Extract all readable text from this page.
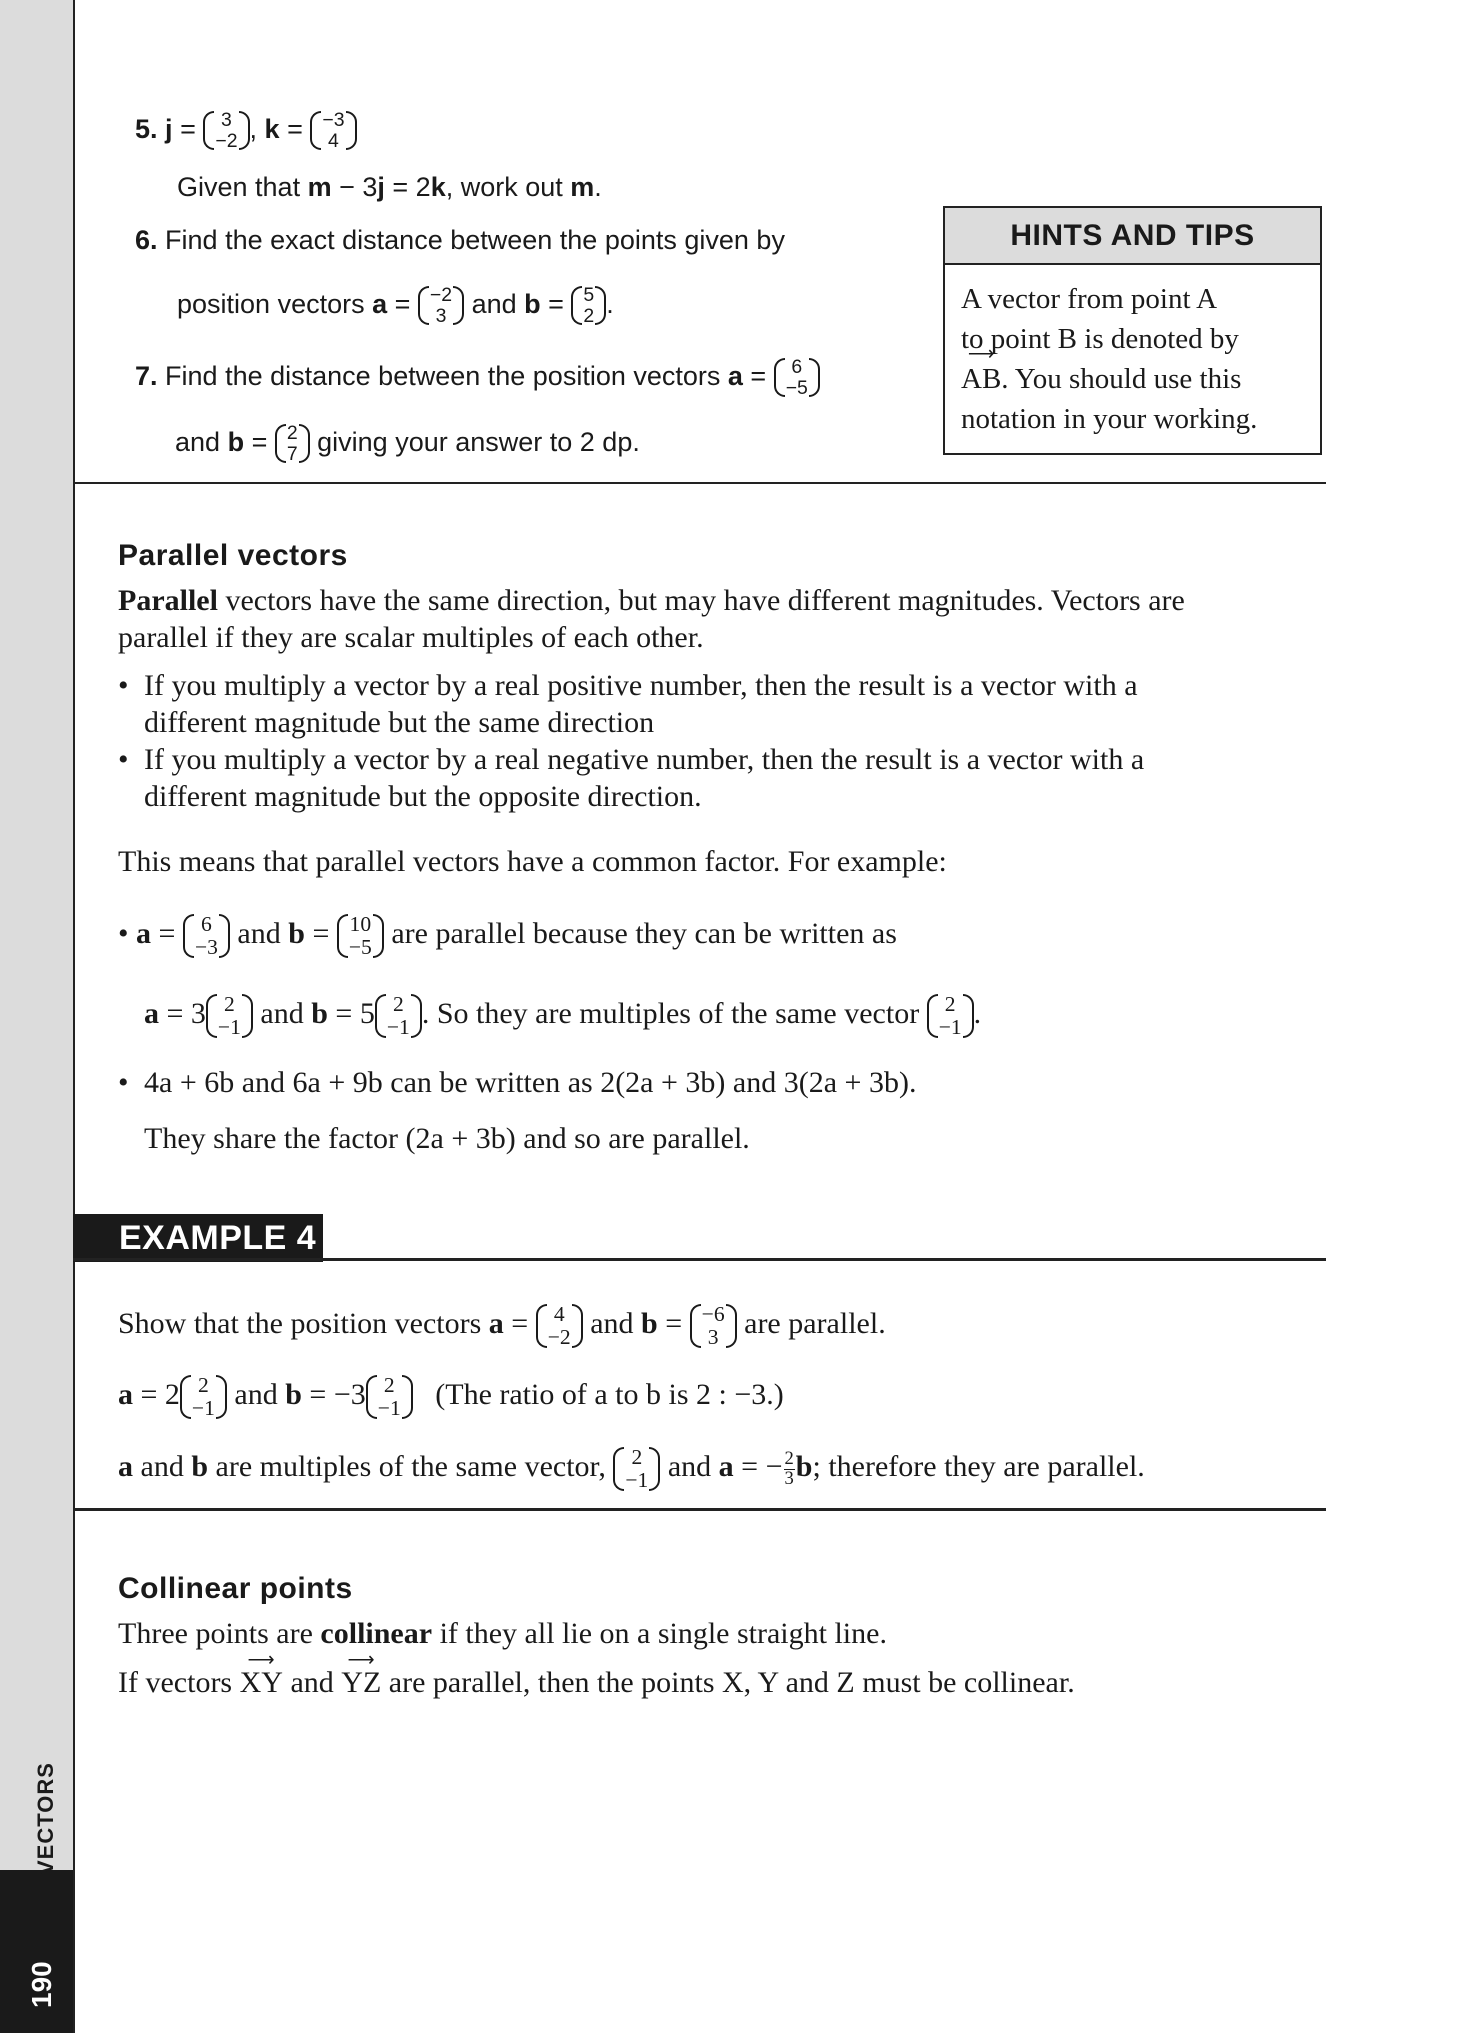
VECTORS
190
5. j = 3
−2 , k = −3
4
Given that m − 3j = 2k, work out m.
6. Find the exact distance between the points given by
position vectors a = −2
3 and b = 5
2 .
7. Find the distance between the position vectors a = 6
−5
and b = 2
7 giving your answer to 2 dp.
HINTS AND TIPS
A vector from point A
to point B is denoted by
⟶ AB. You should use this
notation in your working.
Parallel vectors
Parallel vectors have the same direction, but may have different magnitudes. Vectors are
parallel if they are scalar multiples of each other.
• If you multiply a vector by a real positive number, then the result is a vector with a
different magnitude but the same direction
• If you multiply a vector by a real negative number, then the result is a vector with a
different magnitude but the opposite direction.
This means that parallel vectors have a common factor. For example:
• a = 6
−3 and b = 10
−5 are parallel because they can be written as
a = 3 2
−1 and b = 5 2
−1 . So they are multiples of the same vector 2
−1 .
• 4a + 6b and 6a + 9b can be written as 2(2a + 3b) and 3(2a + 3b).
They share the factor (2a + 3b) and so are parallel.
EXAMPLE 4
Show that the position vectors a = 4
−2 and b = −6
3 are parallel.
a = 2 2
−1 and b = −3 2
−1 (The ratio of a to b is 2 : −3.)
a and b are multiples of the same vector, 2
−1 and a = − $\frac{2}{3} b$; therefore they are parallel.
Collinear points
Three points are collinear if they all lie on a single straight line.
If vectors ⟶ XY and ⟶ YZ are parallel, then the points X, Y and Z must be collinear.
